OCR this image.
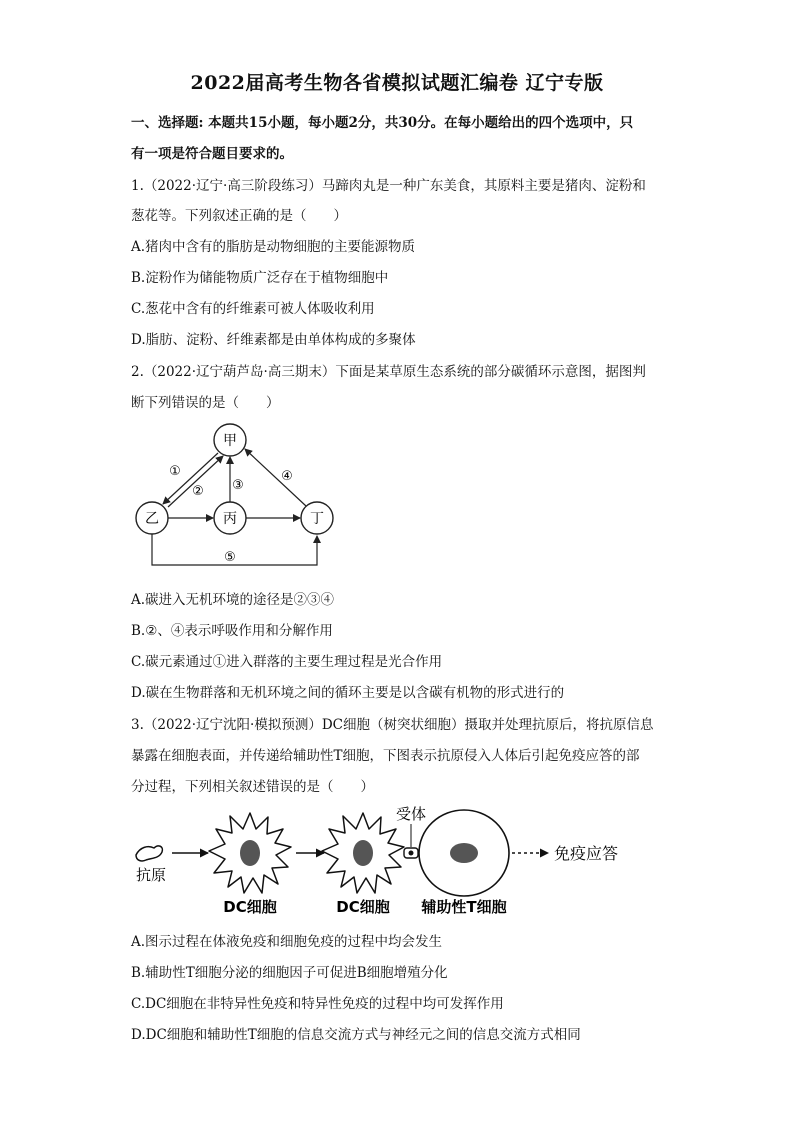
2022届高考生物各省模拟试题汇编卷 辽宁专版
一、选择题: 本题共15小题，每小题2分，共30分。在每小题给出的四个选项中，只
有一项是符合题目要求的。
1.（2022·辽宁·高三阶段练习）马蹄肉丸是一种广东美食，其原料主要是猪肉、淀粉和
葱花等。下列叙述正确的是（　　）
A.猪肉中含有的脂肪是动物细胞的主要能源物质
B.淀粉作为储能物质广泛存在于植物细胞中
C.葱花中含有的纤维素可被人体吸收利用
D.脂肪、淀粉、纤维素都是由单体构成的多聚体
2.（2022·辽宁葫芦岛·高三期末）下面是某草原生态系统的部分碳循环示意图，据图判
断下列错误的是（　　）
甲
乙	丙	丁
①
② ③
④
⑤
A.碳进入无机环境的途径是②③④
B.②、④表示呼吸作用和分解作用
C.碳元素通过①进入群落的主要生理过程是光合作用
D.碳在生物群落和无机环境之间的循环主要是以含碳有机物的形式进行的
3.（2022·辽宁沈阳·模拟预测）DC细胞（树突状细胞）摄取并处理抗原后，将抗原信息
暴露在细胞表面，并传递给辅助性T细胞，下图表示抗原侵入人体后引起免疫应答的部
分过程，下列相关叙述错误的是（　　）
抗原
DC细胞	DC细胞
受体
辅助性T细胞
免疫应答
A.图示过程在体液免疫和细胞免疫的过程中均会发生
B.辅助性T细胞分泌的细胞因子可促进B细胞增殖分化
C.DC细胞在非特异性免疫和特异性免疫的过程中均可发挥作用
D.DC细胞和辅助性T细胞的信息交流方式与神经元之间的信息交流方式相同
